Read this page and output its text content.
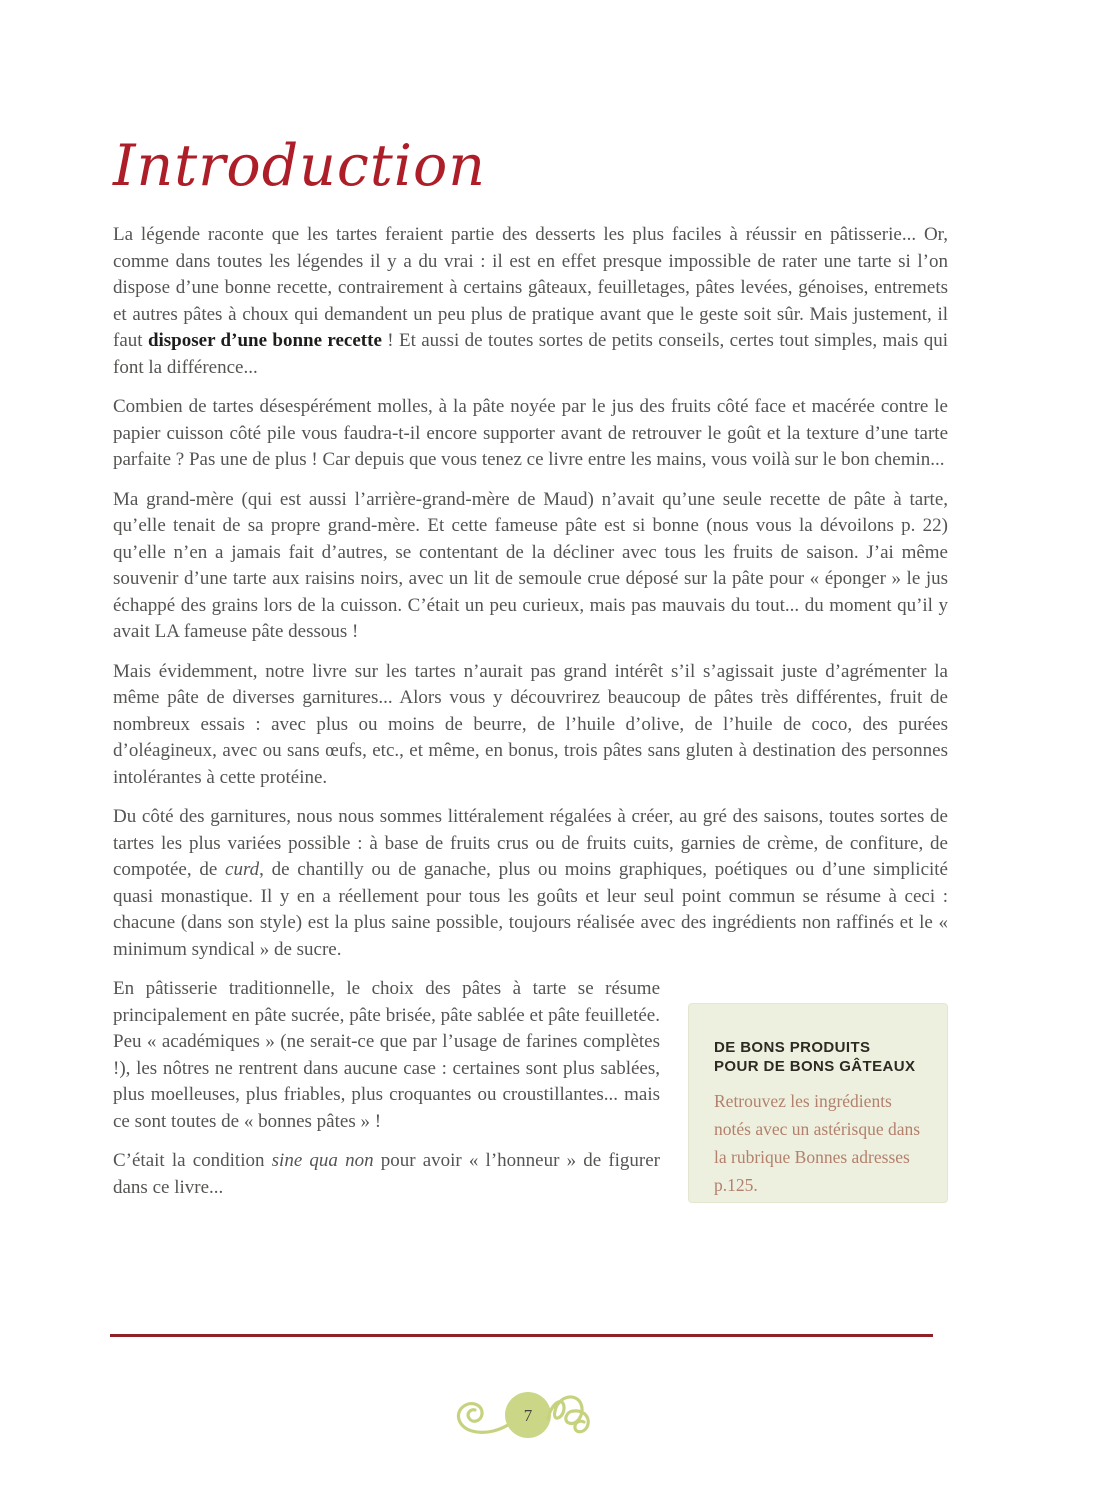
Introduction

La légende raconte que les tartes feraient partie des desserts les plus faciles à réussir en pâtisserie... Or, comme dans toutes les légendes il y a du vrai : il est en effet presque impossible de rater une tarte si l’on dispose d’une bonne recette, contrairement à certains gâteaux, feuilletages, pâtes levées, génoises, entremets et autres pâtes à choux qui demandent un peu plus de pratique avant que le geste soit sûr. Mais justement, il faut disposer d’une bonne recette ! Et aussi de toutes sortes de petits conseils, certes tout simples, mais qui font la différence...

Combien de tartes désespérément molles, à la pâte noyée par le jus des fruits côté face et macérée contre le papier cuisson côté pile vous faudra-t-il encore supporter avant de retrouver le goût et la texture d’une tarte parfaite ? Pas une de plus ! Car depuis que vous tenez ce livre entre les mains, vous voilà sur le bon chemin...

Ma grand-mère (qui est aussi l’arrière-grand-mère de Maud) n’avait qu’une seule recette de pâte à tarte, qu’elle tenait de sa propre grand-mère. Et cette fameuse pâte est si bonne (nous vous la dévoilons p. 22) qu’elle n’en a jamais fait d’autres, se contentant de la décliner avec tous les fruits de saison. J’ai même souvenir d’une tarte aux raisins noirs, avec un lit de semoule crue déposé sur la pâte pour « éponger » le jus échappé des grains lors de la cuisson. C’était un peu curieux, mais pas mauvais du tout... du moment qu’il y avait LA fameuse pâte dessous !

Mais évidemment, notre livre sur les tartes n’aurait pas grand intérêt s’il s’agissait juste d’agrémenter la même pâte de diverses garnitures... Alors vous y découvrirez beaucoup de pâtes très différentes, fruit de nombreux essais : avec plus ou moins de beurre, de l’huile d’olive, de l’huile de coco, des purées d’oléagineux, avec ou sans œufs, etc., et même, en bonus, trois pâtes sans gluten à destination des personnes intolérantes à cette protéine.

Du côté des garnitures, nous nous sommes littéralement régalées à créer, au gré des saisons, toutes sortes de tartes les plus variées possible : à base de fruits crus ou de fruits cuits, garnies de crème, de confiture, de compotée, de curd, de chantilly ou de ganache, plus ou moins graphiques, poétiques ou d’une simplicité quasi monastique. Il y en a réellement pour tous les goûts et leur seul point commun se résume à ceci : chacune (dans son style) est la plus saine possible, toujours réalisée avec des ingrédients non raffinés et le « minimum syndical » de sucre.

DE BONS PRODUITS
POUR DE BONS GÂTEAUX
Retrouvez les ingrédients notés avec un astérisque dans la rubrique Bonnes adresses p.125.

En pâtisserie traditionnelle, le choix des pâtes à tarte se résume principalement en pâte sucrée, pâte brisée, pâte sablée et pâte feuilletée. Peu « académiques » (ne serait-ce que par l’usage de farines complètes !), les nôtres ne rentrent dans aucune case : certaines sont plus sablées, plus moelleuses, plus friables, plus croquantes ou croustillantes... mais ce sont toutes de « bonnes pâtes » !

C’était la condition sine qua non pour avoir « l’honneur » de figurer dans ce livre...

7
